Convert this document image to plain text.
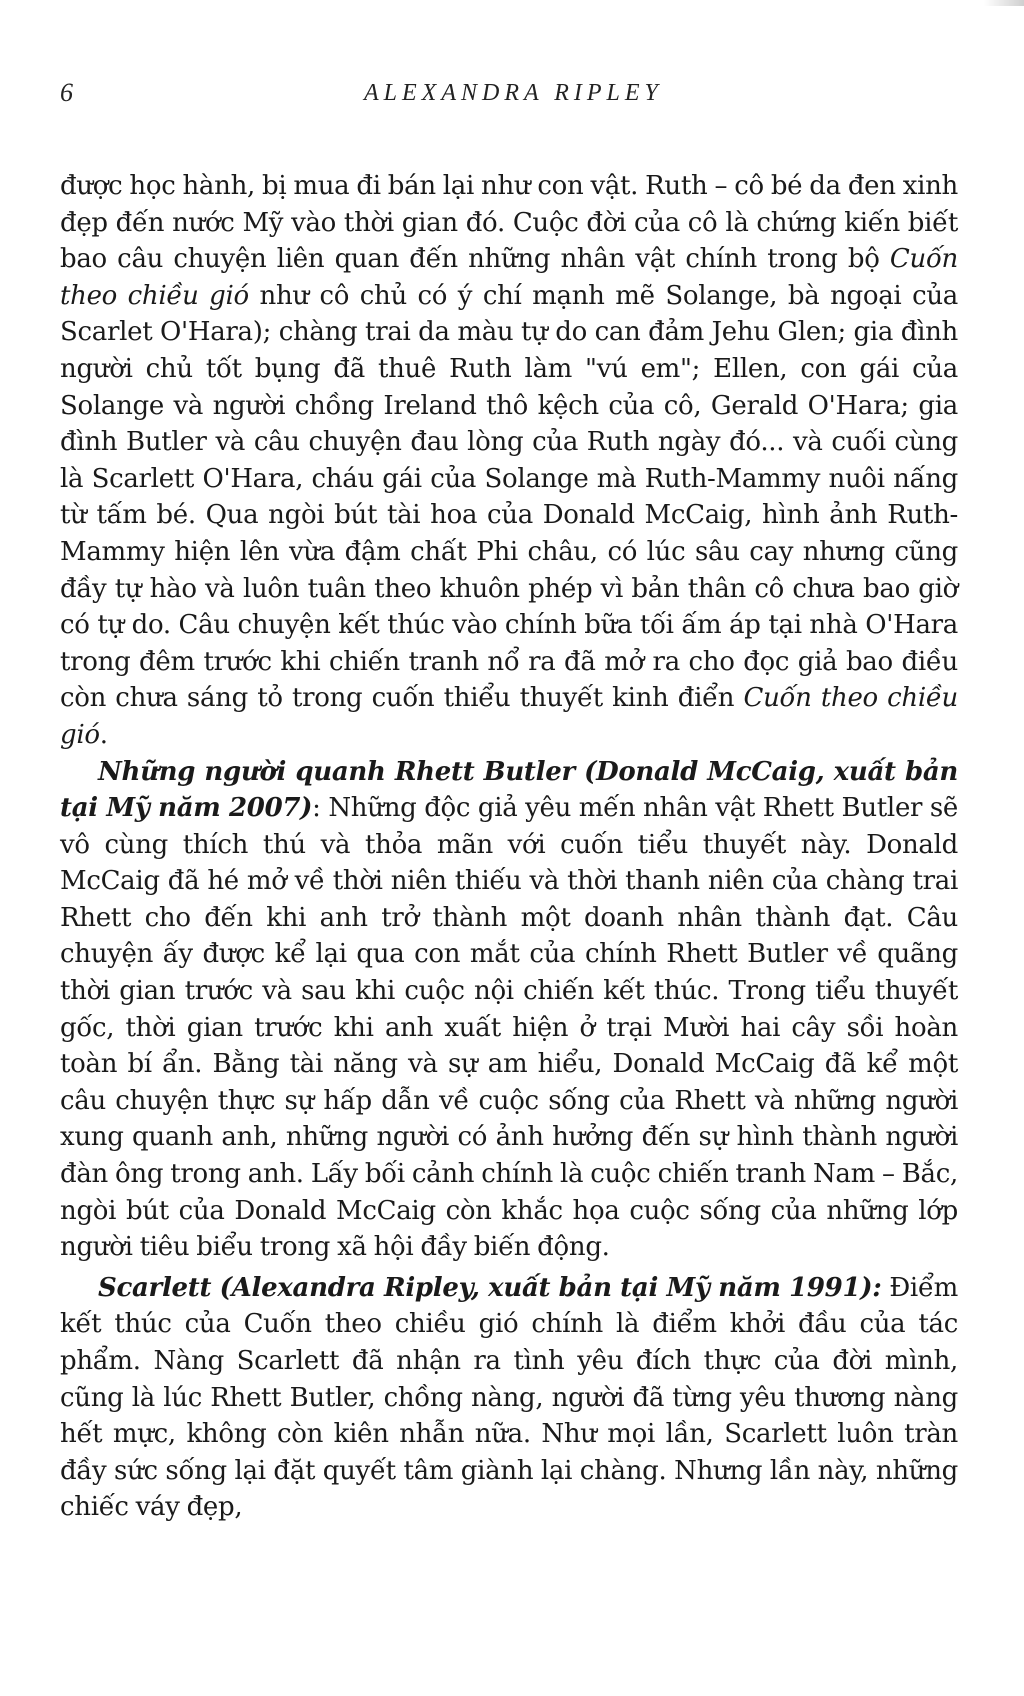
6	ALEXANDRA RIPLEY

được học hành, bị mua đi bán lại như con vật. Ruth – cô bé da đen xinh đẹp đến nước Mỹ vào thời gian đó. Cuộc đời của cô là chứng kiến biết bao câu chuyện liên quan đến những nhân vật chính trong bộ Cuốn theo chiều gió như cô chủ có ý chí mạnh mẽ Solange, bà ngoại của Scarlet O'Hara); chàng trai da màu tự do can đảm Jehu Glen; gia đình người chủ tốt bụng đã thuê Ruth làm "vú em"; Ellen, con gái của Solange và người chồng Ireland thô kệch của cô, Gerald O'Hara; gia đình Butler và câu chuyện đau lòng của Ruth ngày đó... và cuối cùng là Scarlett O'Hara, cháu gái của Solange mà Ruth-Mammy nuôi nấng từ tấm bé. Qua ngòi bút tài hoa của Donald McCaig, hình ảnh Ruth-Mammy hiện lên vừa đậm chất Phi châu, có lúc sâu cay nhưng cũng đầy tự hào và luôn tuân theo khuôn phép vì bản thân cô chưa bao giờ có tự do. Câu chuyện kết thúc vào chính bữa tối ấm áp tại nhà O'Hara trong đêm trước khi chiến tranh nổ ra đã mở ra cho đọc giả bao điều còn chưa sáng tỏ trong cuốn thiểu thuyết kinh điển Cuốn theo chiều gió.

Những người quanh Rhett Butler (Donald McCaig, xuất bản tại Mỹ năm 2007): Những độc giả yêu mến nhân vật Rhett Butler sẽ vô cùng thích thú và thỏa mãn với cuốn tiểu thuyết này. Donald McCaig đã hé mở về thời niên thiếu và thời thanh niên của chàng trai Rhett cho đến khi anh trở thành một doanh nhân thành đạt. Câu chuyện ấy được kể lại qua con mắt của chính Rhett Butler về quãng thời gian trước và sau khi cuộc nội chiến kết thúc. Trong tiểu thuyết gốc, thời gian trước khi anh xuất hiện ở trại Mười hai cây sồi hoàn toàn bí ẩn. Bằng tài năng và sự am hiểu, Donald McCaig đã kể một câu chuyện thực sự hấp dẫn về cuộc sống của Rhett và những người xung quanh anh, những người có ảnh hưởng đến sự hình thành người đàn ông trong anh. Lấy bối cảnh chính là cuộc chiến tranh Nam – Bắc, ngòi bút của Donald McCaig còn khắc họa cuộc sống của những lớp người tiêu biểu trong xã hội đầy biến động.

Scarlett (Alexandra Ripley, xuất bản tại Mỹ năm 1991): Điểm kết thúc của Cuốn theo chiều gió chính là điểm khởi đầu của tác phẩm. Nàng Scarlett đã nhận ra tình yêu đích thực của đời mình, cũng là lúc Rhett Butler, chồng nàng, người đã từng yêu thương nàng hết mực, không còn kiên nhẫn nữa. Như mọi lần, Scarlett luôn tràn đầy sức sống lại đặt quyết tâm giành lại chàng. Nhưng lần này, những chiếc váy đẹp,
